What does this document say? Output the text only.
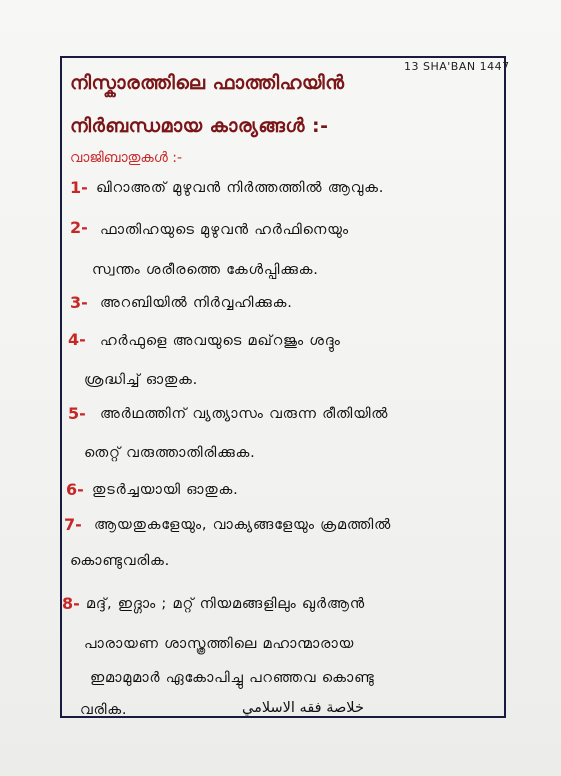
13 SHA'BAN 1447
നിസ്കാരത്തിലെ ഫാത്തിഹയിൻ
നിർബന്ധമായ കാര്യങ്ങൾ :-
വാജിബാതുകൾ :-
1- ഖിറാഅത് മുഴുവൻ നിർത്തത്തിൽ ആവുക.
2- ഫാതിഹയുടെ മുഴുവൻ ഹർഫിനെയും
സ്വന്തം ശരീരത്തെ കേൾപ്പിക്കുക.
3- അറബിയിൽ നിർവ്വഹിക്കുക.
4- ഹർഫുളെ അവയുടെ മഖ്‌റജും ശദ്ദും
ശ്രദ്ധിച്ച് ഓതുക.
5- അർഥത്തിന് വ്യത്യാസം വരുന്ന രീതിയിൽ
തെറ്റ് വരുത്താതിരിക്കുക.
6- തുടർച്ചയായി ഓതുക.
7- ആയതുകളേയും, വാക്യങ്ങളേയും ക്രമത്തിൽ
കൊണ്ടുവരിക.
8- മദ്ദ്, ഇദ്ഗാം ; മറ്റ് നിയമങ്ങളിലും ഖുർആൻ
പാരായണ ശാസ്ത്രത്തിലെ മഹാന്മാരായ
ഇമാമുമാർ ഏകോപിച്ചു പറഞ്ഞവ കൊണ്ടു
വരിക.	خلاصة فقه الاسلامي
